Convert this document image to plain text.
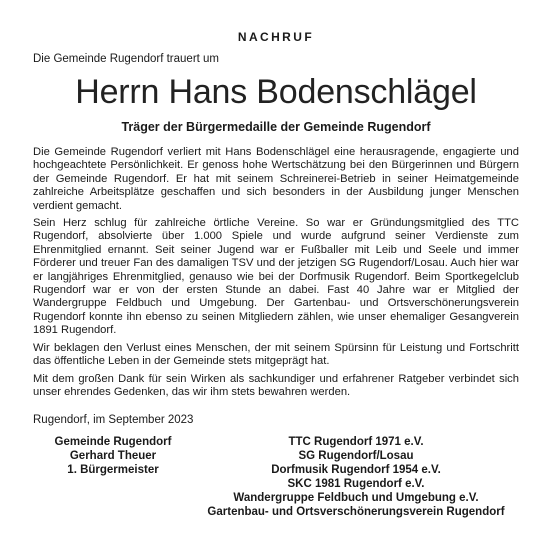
NACHRUF
Die Gemeinde Rugendorf trauert um
Herrn Hans Bodenschlägel
Träger der Bürgermedaille der Gemeinde Rugendorf

Die Gemeinde Rugendorf verliert mit Hans Bodenschlägel eine herausragende, engagierte und hochgeachtete Persönlichkeit. Er genoss hohe Wertschätzung bei den Bürgerinnen und Bürgern der Gemeinde Rugendorf. Er hat mit seinem Schreinerei-Betrieb in seiner Heimatgemeinde zahlreiche Arbeitsplätze geschaffen und sich besonders in der Ausbildung junger Menschen verdient gemacht.

Sein Herz schlug für zahlreiche örtliche Vereine. So war er Gründungsmitglied des TTC Rugendorf, absolvierte über 1.000 Spiele und wurde aufgrund seiner Verdienste zum Ehrenmitglied ernannt. Seit seiner Jugend war er Fußballer mit Leib und Seele und immer Förderer und treuer Fan des damaligen TSV und der jetzigen SG Rugendorf/Losau. Auch hier war er langjähriges Ehrenmitglied, genauso wie bei der Dorfmusik Rugendorf. Beim Sportkegelclub Rugendorf war er von der ersten Stunde an dabei. Fast 40 Jahre war er Mitglied der Wandergruppe Feldbuch und Umgebung. Der Gartenbau- und Ortsverschönerungsverein Rugendorf konnte ihn ebenso zu seinen Mitgliedern zählen, wie unser ehemaliger Gesangverein 1891 Rugendorf.

Wir beklagen den Verlust eines Menschen, der mit seinem Spürsinn für Leistung und Fortschritt das öffentliche Leben in der Gemeinde stets mitgeprägt hat.

Mit dem großen Dank für sein Wirken als sachkundiger und erfahrener Ratgeber verbindet sich unser ehrendes Gedenken, das wir ihm stets bewahren werden.

Rugendorf, im September 2023
Gemeinde Rugendorf
Gerhard Theuer
1. Bürgermeister
TTC Rugendorf 1971 e.V.
SG Rugendorf/Losau
Dorfmusik Rugendorf 1954 e.V.
SKC 1981 Rugendorf e.V.
Wandergruppe Feldbuch und Umgebung e.V.
Gartenbau- und Ortsverschönerungsverein Rugendorf
